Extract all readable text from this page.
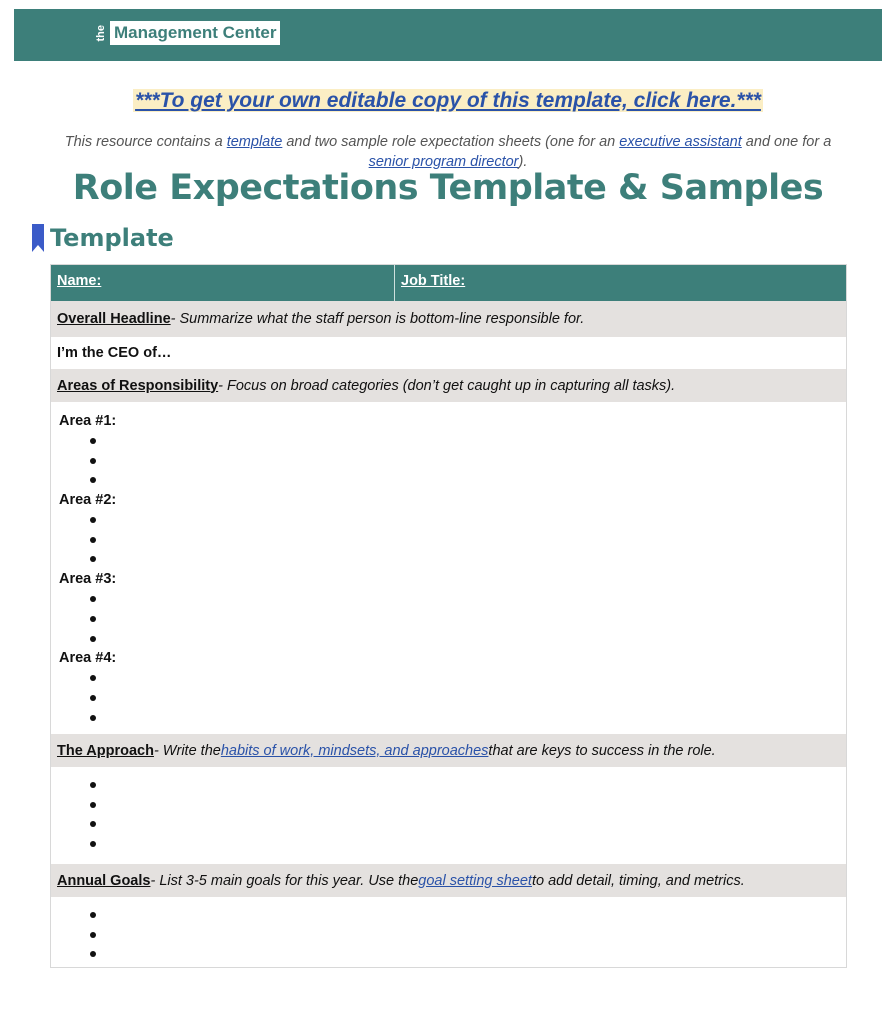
the Management Center
***To get your own editable copy of this template, click here.***
This resource contains a template and two sample role expectation sheets (one for an executive assistant and one for a
senior program director).
Role Expectations Template & Samples
Template
Name:	Job Title:
Overall Headline - Summarize what the staff person is bottom-line responsible for.
I’m the CEO of…
Areas of Responsibility - Focus on broad categories (don’t get caught up in capturing all tasks).
Area #1:
Area #2:
Area #3:
Area #4:
The Approach - Write the habits of work, mindsets, and approaches that are keys to success in the role.
Annual Goals - List 3-5 main goals for this year. Use the goal setting sheet to add detail, timing, and metrics.
